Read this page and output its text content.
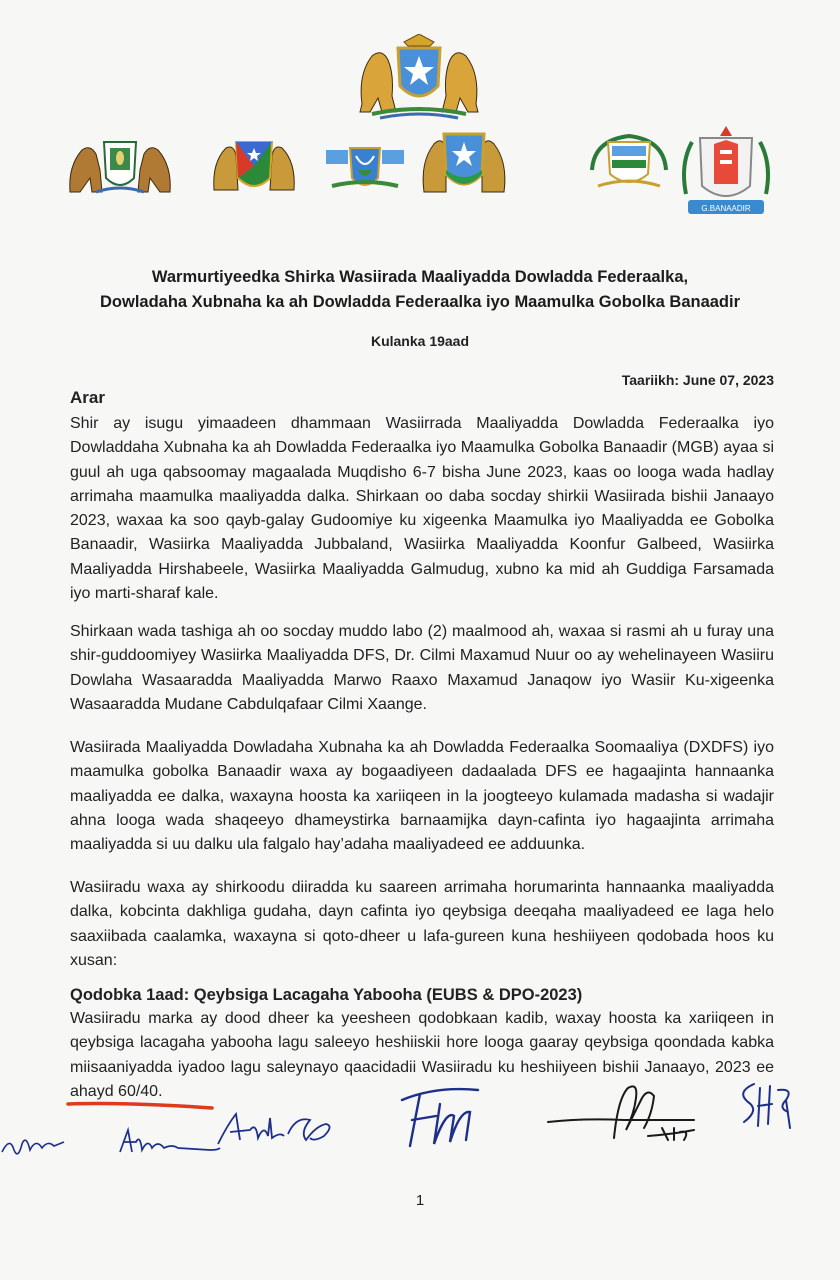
G.BANAADIR
Warmurtiyeedka Shirka Wasiirada Maaliyadda Dowladda Federaalka,
Dowladaha Xubnaha ka ah Dowladda Federaalka iyo Maamulka Gobolka Banaadir
Kulanka 19aad
Taariikh: June 07, 2023
Arar

Shir ay isugu yimaadeen dhammaan Wasiirrada Maaliyadda Dowladda Federaalka iyo Dowladdaha Xubnaha ka ah Dowladda Federaalka iyo Maamulka Gobolka Banaadir (MGB) ayaa si guul ah uga qabsoomay magaalada Muqdisho 6-7 bisha June 2023, kaas oo looga wada hadlay arrimaha maamulka maaliyadda dalka. Shirkaan oo daba socday shirkii Wasiirada bishii Janaayo 2023, waxaa ka soo qayb-galay Gudoomiye ku xigeenka Maamulka iyo Maaliyadda ee Gobolka Banaadir, Wasiirka Maaliyadda Jubbaland, Wasiirka Maaliyadda Koonfur Galbeed, Wasiirka Maaliyadda Hirshabeele, Wasiirka Maaliyadda Galmudug, xubno ka mid ah Guddiga Farsamada iyo marti-sharaf kale.

Shirkaan wada tashiga ah oo socday muddo labo (2) maalmood ah, waxaa si rasmi ah u furay una shir-guddoomiyey Wasiirka Maaliyadda DFS, Dr. Cilmi Maxamud Nuur oo ay wehelinayeen Wasiiru Dowlaha Wasaaradda Maaliyadda Marwo Raaxo Maxamud Janaqow iyo Wasiir Ku-xigeenka Wasaaradda Mudane Cabdulqafaar Cilmi Xaange.

Wasiirada Maaliyadda Dowladaha Xubnaha ka ah Dowladda Federaalka Soomaaliya (DXDFS) iyo maamulka gobolka Banaadir waxa ay bogaadiyeen dadaalada DFS ee hagaajinta hannaanka maaliyadda ee dalka, waxayna hoosta ka xariiqeen in la joogteeyo kulamada madasha si wadajir ahna looga wada shaqeeyo dhameystirka barnaamijka dayn-cafinta iyo hagaajinta arrimaha maaliyadda si uu dalku ula falgalo hay’adaha maaliyadeed ee adduunka.

Wasiiradu waxa ay shirkoodu diiradda ku saareen arrimaha horumarinta hannaanka maaliyadda dalka, kobcinta dakhliga gudaha, dayn cafinta iyo qeybsiga deeqaha maaliyadeed ee laga helo saaxiibada caalamka, waxayna si qoto-dheer u lafa-gureen kuna heshiiyeen qodobada hoos ku xusan:

Qodobka 1aad: Qeybsiga Lacagaha Yabooha (EUBS & DPO-2023)

Wasiiradu marka ay dood dheer ka yeesheen qodobkaan kadib, waxay hoosta ka xariiqeen in qeybsiga lacagaha yabooha lagu saleeyo heshiiskii hore looga gaaray qeybsiga qoondada kabka miisaaniyadda iyadoo lagu saleynayo qaacidadii Wasiiradu ku heshiiyeen bishii Janaayo, 2023 ee ahayd 60/40.

1
